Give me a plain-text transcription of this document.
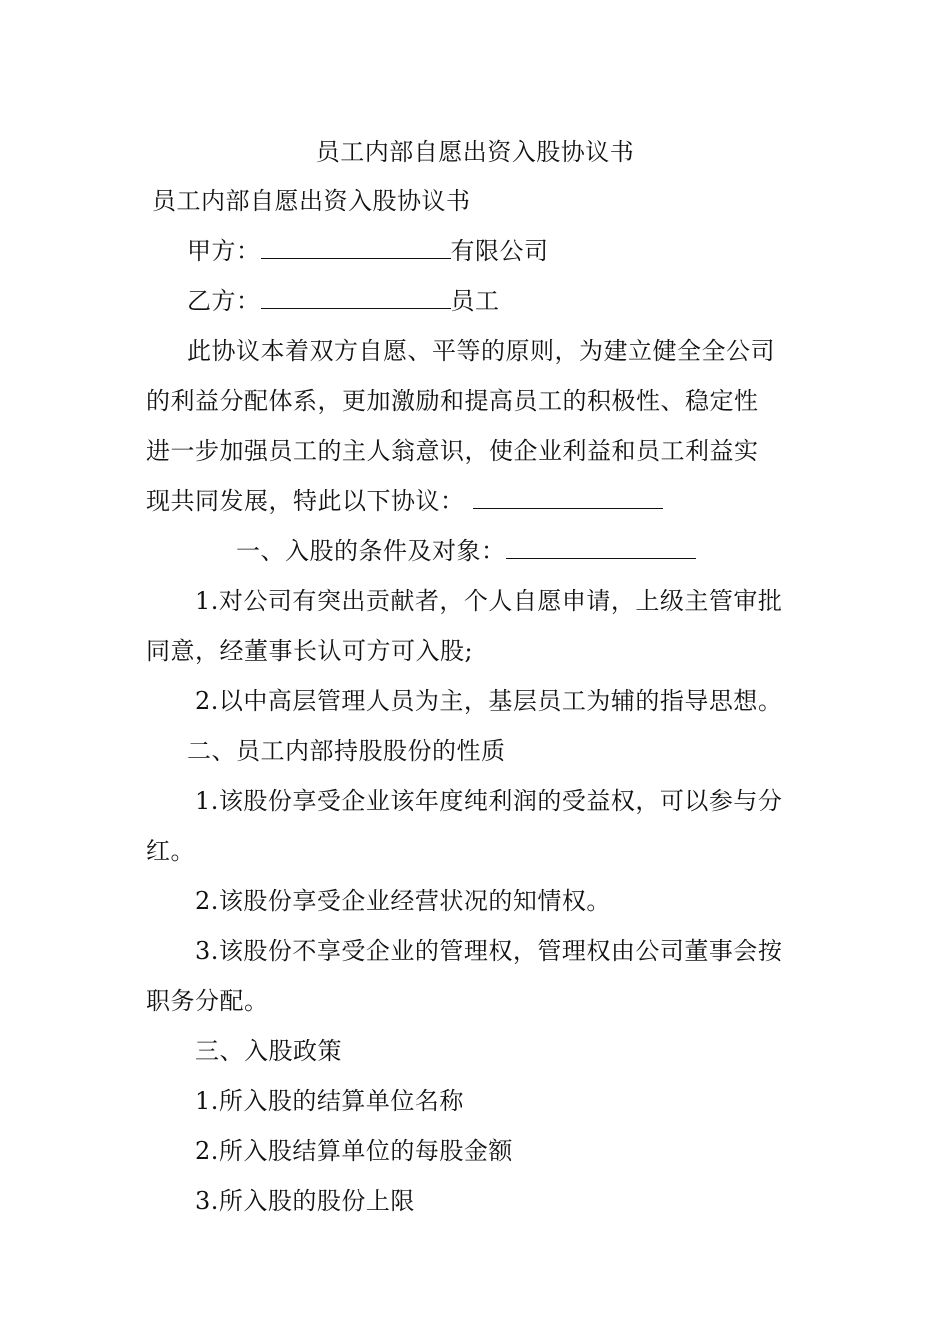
员工内部自愿出资入股协议书
员工内部自愿出资入股协议书
甲方：	有限公司
乙方：	员工
此协议本着双方自愿、平等的原则，为建立健全全公司
的利益分配体系，更加激励和提高员工的积极性、稳定性
进一步加强员工的主人翁意识，使企业利益和员工利益实
现共同发展，特此以下协议：
一、入股的条件及对象：
1.对公司有突出贡献者，个人自愿申请，上级主管审批
同意，经董事长认可方可入股;
2.以中高层管理人员为主，基层员工为辅的指导思想。
二、员工内部持股股份的性质
1.该股份享受企业该年度纯利润的受益权，可以参与分
红。
2.该股份享受企业经营状况的知情权。
3.该股份不享受企业的管理权，管理权由公司董事会按
职务分配。
三、入股政策
1.所入股的结算单位名称
2.所入股结算单位的每股金额
3.所入股的股份上限
